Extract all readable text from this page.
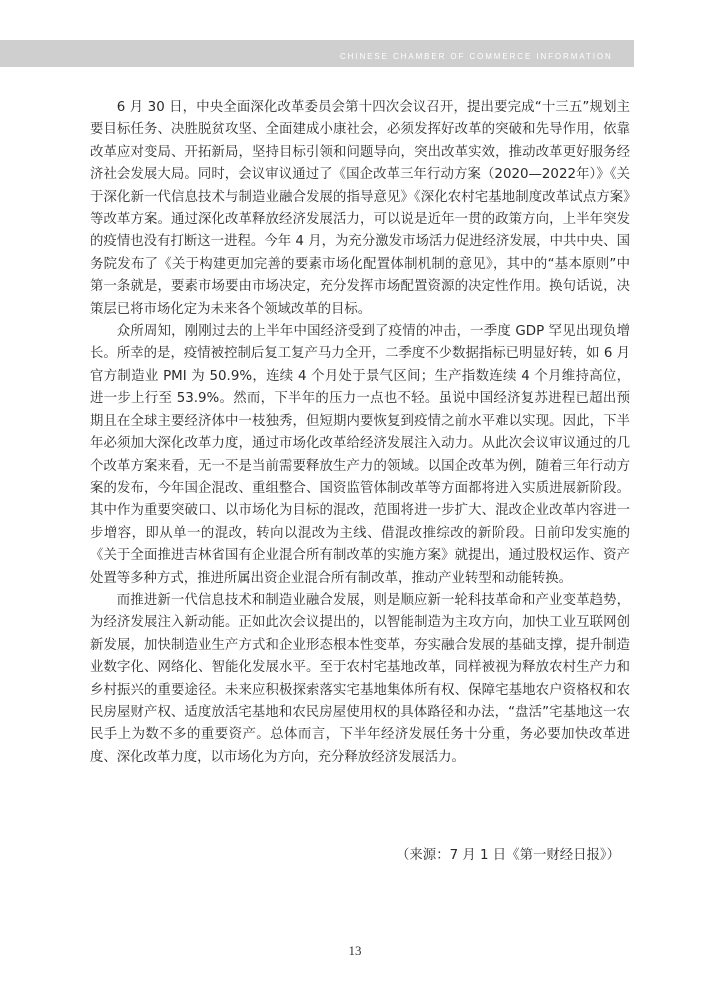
CHINESE CHAMBER OF COMMERCE INFORMATION

6 月 30 日，中央全面深化改革委员会第十四次会议召开，提出要完成“十三五”规划主要目标任务、决胜脱贫攻坚、全面建成小康社会，必须发挥好改革的突破和先导作用，依靠改革应对变局、开拓新局，坚持目标引领和问题导向，突出改革实效，推动改革更好服务经济社会发展大局。同时，会议审议通过了《国企改革三年行动方案（2020—2022年）》《关于深化新一代信息技术与制造业融合发展的指导意见》《深化农村宅基地制度改革试点方案》等改革方案。通过深化改革释放经济发展活力，可以说是近年一贯的政策方向，上半年突发的疫情也没有打断这一进程。今年 4 月，为充分激发市场活力促进经济发展，中共中央、国务院发布了《关于构建更加完善的要素市场化配置体制机制的意见》，其中的“基本原则”中第一条就是，要素市场要由市场决定，充分发挥市场配置资源的决定性作用。换句话说，决策层已将市场化定为未来各个领域改革的目标。

众所周知，刚刚过去的上半年中国经济受到了疫情的冲击，一季度 GDP 罕见出现负增长。所幸的是，疫情被控制后复工复产马力全开，二季度不少数据指标已明显好转，如 6 月官方制造业 PMI 为 50.9%，连续 4 个月处于景气区间；生产指数连续 4 个月维持高位，进一步上行至 53.9%。然而，下半年的压力一点也不轻。虽说中国经济复苏进程已超出预期且在全球主要经济体中一枝独秀，但短期内要恢复到疫情之前水平难以实现。因此，下半年必须加大深化改革力度，通过市场化改革给经济发展注入动力。从此次会议审议通过的几个改革方案来看，无一不是当前需要释放生产力的领域。以国企改革为例，随着三年行动方案的发布，今年国企混改、重组整合、国资监管体制改革等方面都将进入实质进展新阶段。其中作为重要突破口、以市场化为目标的混改，范围将进一步扩大、混改企业改革内容进一步增容，即从单一的混改，转向以混改为主线、借混改推综改的新阶段。日前印发实施的《关于全面推进吉林省国有企业混合所有制改革的实施方案》就提出，通过股权运作、资产处置等多种方式，推进所属出资企业混合所有制改革，推动产业转型和动能转换。

而推进新一代信息技术和制造业融合发展，则是顺应新一轮科技革命和产业变革趋势，为经济发展注入新动能。正如此次会议提出的，以智能制造为主攻方向，加快工业互联网创新发展，加快制造业生产方式和企业形态根本性变革，夯实融合发展的基础支撑，提升制造业数字化、网络化、智能化发展水平。至于农村宅基地改革，同样被视为释放农村生产力和乡村振兴的重要途径。未来应积极探索落实宅基地集体所有权、保障宅基地农户资格权和农民房屋财产权、适度放活宅基地和农民房屋使用权的具体路径和办法，“盘活”宅基地这一农民手上为数不多的重要资产。总体而言，下半年经济发展任务十分重，务必要加快改革进度、深化改革力度，以市场化为方向，充分释放经济发展活力。

（来源：7 月 1 日《第一财经日报》）
13
